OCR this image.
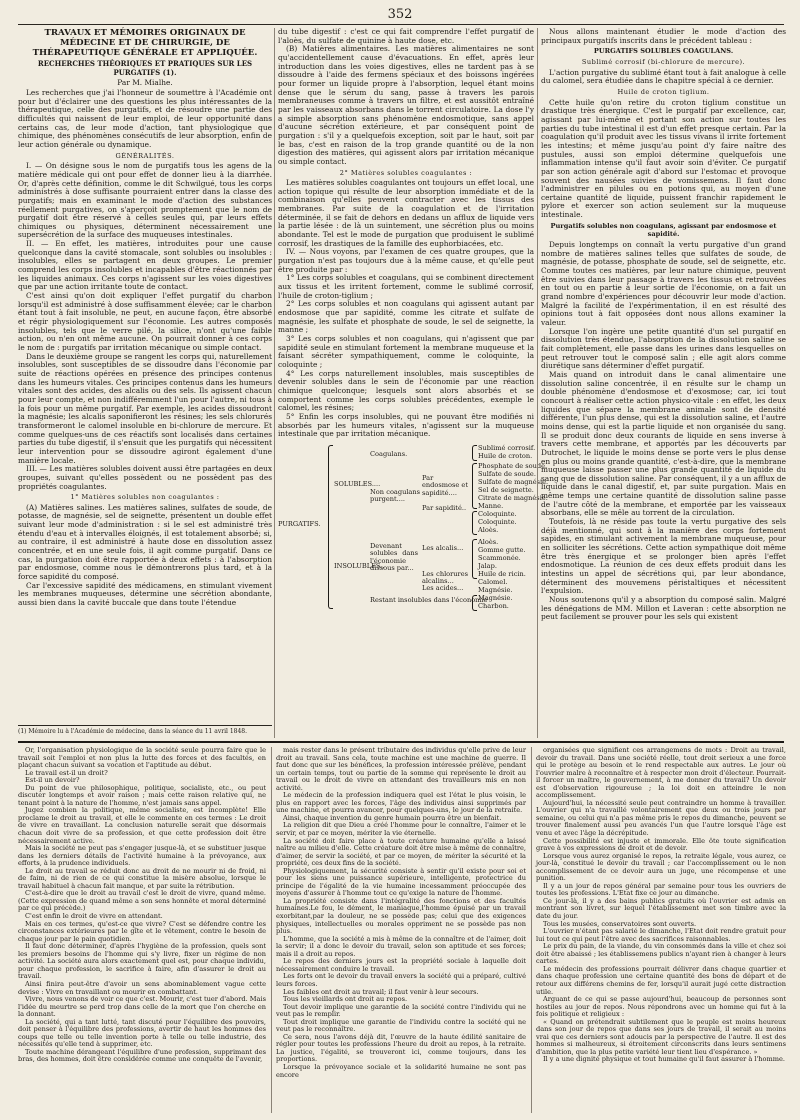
352

TRAVAUX ET MÉMOIRES ORIGINAUX DE MÉDECINE ET DE CHIRURGIE, DE THÉRAPEUTIQUE GÉNÉRALE ET APPLIQUÉE.

RECHERCHES THÉORIQUES ET PRATIQUES SUR LES PURGATIFS (1).

Par M. Mialhe.

Les recherches que j'ai l'honneur de soumettre à l'Académie ont pour but d'éclairer une des questions les plus intéressantes de la thérapeutique, celle des purgatifs, et de résoudre une partie des difficultés qui naissent de leur emploi, de leur opportunité dans certains cas, de leur mode d'action, tant physiologique que chimique, des phénomènes consécutifs de leur absorption, enfin de leur action générale ou dynamique.

GÉNÉRALITÉS.

I. — On désigne sous le nom de purgatifs tous les agens de la matière médicale qui ont pour effet de donner lieu à la diarrhée. Or, d'après cette définition, comme le dit Schwilgué, tous les corps administrés à dose suffisante pourraient entrer dans la classe des purgatifs; mais en examinant le mode d'action des substances réellement purgatives, on s'aperçoit promptement que le nom de purgatif doit être réservé à celles seules qui, par leurs effets chimiques ou physiques, déterminent nécessairement une supersécrétion de la surface des muqueuses intestinales.

II. — En effet, les matières, introduites pour une cause quelconque dans la cavité stomacale, sont solubles ou insolubles : insolubles, elles se partagent en deux groupes. Le premier comprend les corps insolubles et incapables d'être réactionnés par les liquides animaux. Ces corps n'agissent sur les voies digestives que par une action irritante toute de contact.

C'est ainsi qu'on doit expliquer l'effet purgatif du charbon lorsqu'il est administré à dose suffisamment élevée; car le charbon étant tout à fait insoluble, ne peut, en aucune façon, être absorbé et régir physiologiquement sur l'économie. Les autres composés insolubles, tels que le verre pilé, la silice, n'ont qu'une faible action, ou n'en ont même aucune. On pourrait donner à ces corps le nom de : purgatifs par irritation mécanique ou simple contact.

Dans le deuxième groupe se rangent les corps qui, naturellement insolubles, sont susceptibles de se dissoudre dans l'économie par suite de réactions opérées en présence des principes contenus dans les humeurs vitales. Ces principes contenus dans les humeurs vitales sont des acides, des alcalis ou des sels. Ils agissent chacun pour leur compte, et non indifféremment l'un pour l'autre, ni tous à la fois pour un même purgatif. Par exemple, les acides dissoudront la magnésie; les alcalis saponifieront les résines; les sels chlorurés transformeront le calomel insoluble en bi-chlorure de mercure. Et comme quelques-uns de ces réactifs sont localisés dans certaines parties du tube digestif, il s'ensuit que les purgatifs qui nécessitent leur intervention pour se dissoudre agiront également d'une manière locale.

III. — Les matières solubles doivent aussi être partagées en deux groupes, suivant qu'elles possèdent ou ne possèdent pas des propriétés coagulantes.

1° Matières solubles non coagulantes :

(A) Matières salines. Les matières salines, sulfates de soude, de potasse, de magnésie, sel de seignette, présentent un double effet suivant leur mode d'administration : si le sel est administré très étendu d'eau et à intervalles éloignés, il est totalement absorbé; si, au contraire, il est administré à haute dose en dissolution assez concentrée, et en une seule fois, il agit comme purgatif. Dans ce cas, la purgation doit être rapportée à deux effets : à l'absorption par endosmose, comme nous le démontrerons plus tard, et à la force sapidité du composé.

Car l'excessive sapidité des médicamens, en stimulant vivement les membranes muqueuses, détermine une sécrétion abondante, aussi bien dans la cavité buccale que dans toute l'étendue

(1) Mémoire lu à l'Académie de médecine, dans la séance du 11 avril 1848.

du tube digestif : c'est ce qui fait comprendre l'effet purgatif de l'aloès, du sulfate de quinine à haute dose, etc.

(B) Matières alimentaires. Les matières alimentaires ne sont qu'accidentellement cause d'évacuations. En effet, après leur introduction dans les voies digestives, elles ne tardent pas à se dissoudre à l'aide des fermens spéciaux et des boissons ingérées pour former un liquide propre à l'absorption, lequel étant moins dense que le sérum du sang, passe à travers les parois membraneuses comme à travers un filtre, et est aussitôt entraîné par les vaisseaux absorbans dans le torrent circulatoire. La dose l'y a simple absorption sans phénomène endosmotique, sans appel d'aucune sécrétion extérieure, et par conséquent point de purgation : s'il y a quelquefois exception, soit par le haut, soit par le bas, c'est en raison de la trop grande quantité ou de la non digestion des matières, qui agissent alors par irritation mécanique ou simple contact.

2° Matières solubles coagulantes :

Les matières solubles coagulantes ont toujours un effet local, une action topique qui résulte de leur absorption immédiate et de la combinaison qu'elles peuvent contracter avec les tissus des membranes. Par suite de la coagulation et de l'irritation déterminée, il se fait de dehors en dedans un afflux de liquide vers la partie lésée : de là un suintement, une sécrétion plus ou moins abondante. Tel est le mode de purgation que produisent le sublimé corrosif, les drastiques de la famille des euphorbiacées, etc.

IV. — Nous voyons, par l'examen de ces quatre groupes, que la purgation n'est pas toujours due à la même cause, et qu'elle peut être produite par :

1° Les corps solubles et coagulans, qui se combinent directement aux tissus et les irritent fortement, comme le sublimé corrosif, l'huile de croton-tiglium ;

2° Les corps solubles et non coagulans qui agissent autant par endosmose que par sapidité, comme les citrate et sulfate de magnésie, les sulfate et phosphate de soude, le sel de seignette, la manne ;

3° Les corps solubles et non coagulans, qui n'agissent que par sapidité seule en stimulant fortement la membrane muqueuse et la faisant sécréter sympathiquement, comme le coloquinte, la coloquinte ;

4° Les corps naturellement insolubles, mais susceptibles de devenir solubles dans le sein de l'économie par une réaction chimique quelconque; lesquels sont alors absorbés et se comportent comme les corps solubles précédentes, exemple le calomel, les résines;

5° Enfin les corps insolubles, qui ne pouvant être modifiés ni absorbés par les humeurs vitales, n'agissent sur la muqueuse intestinale que par irritation mécanique.

PURGATIFS.
SOLUBLES....
INSOLUBLES..
Coagulans.
Non coagulans purgent....
Par endosmose et sapidité....
Par sapidité..
Devenant solubles dans l'économie dissous par...
Les alcalis...
Les chlorures alcalins...
Les acides...
Restant insolubles dans l'économie
Sublimé corrosif.
Huile de croton.
Phosphate de soude.
Sulfate de soude.
Sulfate de magnésie.
Sel de seignette.
Citrate de magnésie.
Manne.
Coloquinte.
Coloquinte.
Aloès.
Aloès.
Gomme gutte.
Scammonée.
Jalap.
Huile de ricin.
Calomel.
Magnésie.
Magnésie.
Charbon.

Nous allons maintenant étudier le mode d'action des principaux purgatifs inscrits dans le précédent tableau :

PURGATIFS SOLUBLES COAGULANS.

Sublimé corrosif (bi-chlorure de mercure).

L'action purgative du sublimé étant tout à fait analogue à celle du calomel, sera étudiée dans le chapitre spécial à ce dernier.

Huile de croton tiglium.

Cette huile qu'on retire du croton tiglium constitue un drastique très énergique. C'est le purgatif par excellence, car, agissant par lui-même et portant son action sur toutes les parties du tube intestinal il est d'un effet presque certain. Par la coagulation qu'il produit avec les tissus vivans il irrite fortement les intestins; et même jusqu'au point d'y faire naître des pustules, aussi son emploi détermine quelquefois une inflammation intense qu'il faut avoir soin d'éviter. Ce purgatif par son action générale agit d'abord sur l'estomac et provoque souvent des nausées suivies de vomissemens. Il faut donc l'administrer en pilules ou en potions qui, au moyen d'une certaine quantité de liquide, puissent franchir rapidement le pylore et exercer son action seulement sur la muqueuse intestinale.

Purgatifs solubles non coagulans, agissant par endosmose et sapidité.

Depuis longtemps on connaît la vertu purgative d'un grand nombre de matières salines telles que sulfates de soude, de magnésie, de potasse, phosphate de soude, sel de seignette, etc. Comme toutes ces matières, par leur nature chimique, peuvent être suivies dans leur passage à travers les tissus et retrouvées en tout ou en partie à leur sortie de l'économie, on a fait un grand nombre d'expériences pour découvrir leur mode d'action. Malgré la facilité de l'expérimentation, il en est résulté des opinions tout à fait opposées dont nous allons examiner la valeur.

Lorsque l'on ingère une petite quantité d'un sel purgatif en dissolution très étendue, l'absorption de la dissolution saline se fait complètement, elle passe dans les urines dans lesquelles on peut retrouver tout le composé salin ; elle agit alors comme diurétique sans déterminer d'effet purgatif.

Mais quand on introduit dans le canal alimentaire une dissolution saline concentrée, il en résulte sur le champ un double phénomène d'endosmose et d'exosmose; car, ici tout concourt à réaliser cette action physico-vitale : en effet, les deux liquides que sépare la membrane animale sont de densité différente, l'un plus dense, qui est la dissolution saline, et l'autre moins dense, qui est la partie liquide et non organisée du sang. Il se produit donc deux courants de liquide en sens inverse à travers cette membrane, et apportés par les découverts par Dutrochet, le liquide le moins dense se porte vers le plus dense en plus ou moins grande quantité, c'est-à-dire, que la membrane muqueuse laisse passer une plus grande quantité de liquide du sang que de dissolution saline. Par conséquent, il y a un afflux de liquide dans le canal digestif, et, par suite purgation. Mais en même temps une certaine quantité de dissolution saline passe de l'autre côté de la membrane, et emportée par les vaisseaux absorbans, elle se mêle au torrent de la circulation.

Toutefois, là ne réside pas toute la vertu purgative des sels déjà mentionné, qui sont à la manière des corps fortement sapides, en stimulant activement la membrane muqueuse, pour en solliciter les sécrétions. Cette action sympathique doit même être très énergique et se prolonger bien après l'effet endosmotique. La réunion de ces deux effets produit dans les intestins un appel de sécrétions qui, par leur abondance, déterminent des mouvemens péristaltiques et nécessitent l'expulsion.

Nous soutenons qu'il y a absorption du composé salin. Malgré les dénégations de MM. Millon et Laveran : cette absorption ne peut facilement se prouver pour les sels qui existent

Or, l'organisation physiologique de la société seule pourra faire que le travail soit l'emploi et non plus la lutte des forces et des facultés, en plaçant chacun suivant sa vocation et l'aptitude au début.

Le travail est-il un droit?

Est-il un devoir?

Du point de vue philosophique, politique, socialiste, etc., ou peut discuter longtemps et avoir raison ; mais cette raison relative qui, ne tenant point à la nature de l'homme, n'est jamais sans appel.

Jugez combien la politique, même socialiste, est incomplète! Elle proclame le droit au travail, et elle le commente en ces termes : Le droit de vivre en travaillant. La conclusion naturelle serait que désormais chacun doit vivre de sa profession, et que cette profession doit être nécessairement active.

Mais la société ne peut pas s'engager jusque-là, et se substituer jusque dans les derniers détails de l'activité humaine à la prévoyance, aux efforts, à la prudence individuels.

Le droit au travail se réduit donc au droit de ne mourir ni de froid, ni de faim, ni de rien de ce qui constitue la misère absolue, lorsque le travail habituel à chacun fait manque, et par suite la rétribution.

C'est-à-dire que le droit au travail c'est le droit de vivre, quand même. (Cette expression de quand même a son sens honnête et moral déterminé par ce qui précède.)

C'est enfin le droit de vivre en attendant.

Mais en ces termes, qu'est-ce que vivre? C'est se défendre contre les circonstances extérieures par le gîte et le vêtement, contre le besoin de chaque jour par le pain quotidien.

Il faut donc déterminer, d'après l'hygiène de la profession, quels sont les premiers besoins de l'homme qui s'y livre, fixer un régime de non activité. La société aura alors exactement quel est, pour chaque individu, pour chaque profession, le sacrifice à faire, afin d'assurer le droit au travail.

Ainsi finira peut-être d'avoir un sens abominablement vague cette devise : Vivre en travaillant ou mourir en combattant.

Vivre, nous venons de voir ce que c'est. Mourir, c'est tuer d'abord. Mais l'idée du meurtre se perd trop dans celle de la mort que l'on cherche en la donnant.

La société, qui a tant lutté, tant discuté pour l'équilibre des pouvoirs, doit penser à l'équilibre des professions, avertir de haut les hommes des coups que telle ou telle invention porte à telle ou telle industrie, des nécessités qu'elle tend à supprimer, etc.

Toute machine dérangeant l'équilibre d'une profession, supprimant des bras, des hommes, doit être considérée comme une conquête de l'avenir,

mais rester dans le présent tributaire des individus qu'elle prive de leur droit au travail. Sans cela, toute machine est une machine de guerre. Il faut donc que sur les bénéfices, la profession intéressée prélève, pendant un certain temps, tout ou partie de la somme qui représente le droit au travail ou le droit de vivre en attendant des travailleurs mis en non activité.

Le médecin de la profession indiquera quel est l'état le plus voisin, le plus en rapport avec les forces, l'âge des individus ainsi supprimés par une machine, et pourra avancer, pour quelques-uns, le jour de la retraite.

Ainsi, chaque invention du genre humain pourra être un bienfait.

La religion dit que Dieu a créé l'homme pour le connaître, l'aimer et le servir, et par ce moyen, mériter la vie éternelle.

La société doit faire place à toute créature humaine qu'elle a laissé naître au milieu d'elle. Cette créature doit être mise à même de connaître, d'aimer, de servir la société, et par ce moyen, de mériter la sécurité et la propriété, ces deux fins de la société.

Physiologiquement, la sécurité consiste à sentir qu'il existe pour soi et pour les siens une puissance supérieure, intelligente, protectrice du principe de l'égalité de la vie humaine incessamment préoccupée des moyens d'assurer à l'homme tout ce qu'exige la nature de l'homme.

La propriété consiste dans l'intégralité des fonctions et des facultés humaines.Le fou, le dément, le maniaque,l'homme épuisé par un travail exorbitant,par la douleur, ne se possède pas; celui que des exigences physiques, intellectuelles ou morales oppriment ne se possède pas non plus.

L'homme, que la société a mis à même de la connaître et de l'aimer, doit la servir; il a donc le devoir du travail, selon son aptitude et ses forces; mais il a droit au repos.

Le repos des derniers jours est la propriété sociale à laquelle doit nécessairement conduire le travail.

Les forts ont le devoir du travail envers la société qui a préparé, cultivé leurs forces.

Les faibles ont droit au travail; il faut venir à leur secours.

Tous les vieillards ont droit au repos.

Tout devoir implique une garantie de la société contre l'individu qui ne veut pas le remplir.

Tout droit implique une garantie de l'individu contre la société qui ne veut pas le reconnaître.

Ce sera, nous l'avons déjà dit, l'œuvre de la haute édilité sanitaire de régler pour toutes les professions l'heure du droit au repos, à la retraite. La justice, l'égalité, se trouveront ici, comme toujours, dans les proportions.

Lorsque la prévoyance sociale et la solidarité humaine ne sont pas encore

organisées que signifient ces arrangemens de mots : Droit au travail, devoir du travail. Dans une société réelle, tout droit serieux a une force qui le protège au besoin et le rend respectable aux autres. Le jour où l'ouvrier malre à reconnaître et à respecter mon droit d'électeur. Pourrait-il forcer un maître, le gouvernement, à me donner du travail? Un devoir est d'observation rigoureuse ; la loi doit en atteindre le non accomplissement.

Aujourd'hui, la nécessité seule peut contraindre un homme à travailler. L'ouvrier qui n'a travaillé volontairement que deux ou trois jours par semaine, ou celui qui n'a pas même pris le repos du dimanche, peuvent se trouver finalement aussi peu avancés l'un que l'autre lorsque l'âge est venu et avec l'âge la décrépitude.

Cette possibilité est injuste et immorale. Elle ôte toute signification grave à vos expressions de droit et de devoir.

Lorsque vous aurez organisé le repos, la retraite légale, vous aurez, ce jour-là, constitué le devoir du travail ; car l'accomplissement ou le non accomplissement de ce devoir aura un juge, une récompense et une punition.

Il y a un jour de repos général par semaine pour tous les ouvriers de toutes les professions. L'Etat fixe ce jour au dimanche.

Ce jour-là, il y a des bains publics gratuits où l'ouvrier est admis en montrant son livret, sur lequel l'établissement met son timbre avec la date du jour.

Tous les musées, conservatoires sont ouverts.

L'ouvrier n'étant pas salarié le dimanche, l'Etat doit rendre gratuit pour lui tout ce qui peut l'être avec des sacrifices raisonnables.

Le prix du pain, de la viande, du vin consommés dans la ville et chez soi doit être abaissé ; les établissemens publics n'ayant rien à changer à leurs cartes.

Le médecin des professions pourrait délivrer dans chaque quartier et dans chaque profession une certaine quantité des bons de départ et de retour aux différens chemins de fer, lorsqu'il aurait jugé cette distraction utile.

Arguant de ce qui se passe aujourd'hui, beaucoup de personnes sont hostiles au jour de repos. Nous répondrons avec un homme qui fut à la fois politique et religieux :

« Quand on prétendrait subtilement que le peuple est moins heureux dans son jour de repos que dans ses jours de travail, il serait au moins vrai que ces derniers sont adoucis par la perspective de l'autre. Il est des hommes si malheureux, si étroitement circonscrits dans leurs sentimens d'ambition, que la plus petite variété leur tient lieu d'espérance. »

Il y a une dignité physique et tout humaine qu'il faut assurer à l'homme.
